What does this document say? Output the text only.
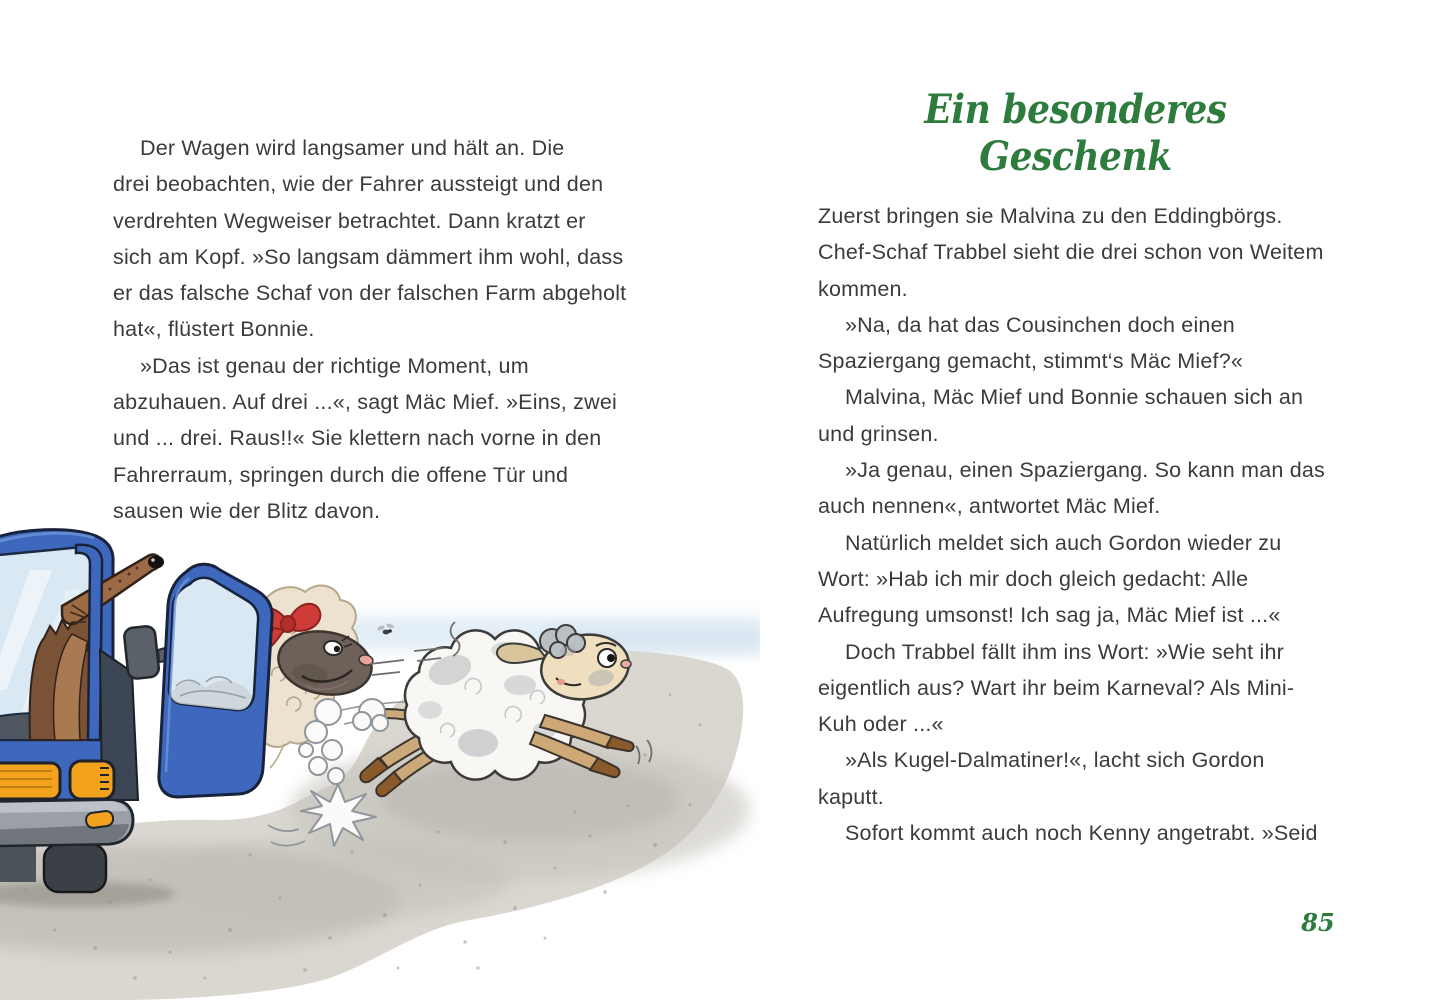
Der Wagen wird langsamer und hält an. Die
drei beobachten, wie der Fahrer aussteigt und den
verdrehten Wegweiser betrachtet. Dann kratzt er
sich am Kopf. »So langsam dämmert ihm wohl, dass
er das falsche Schaf von der falschen Farm abgeholt
hat«, flüstert Bonnie.
»Das ist genau der richtige Moment, um
abzuhauen. Auf drei ...«, sagt Mäc Mief. »Eins, zwei
und ... drei. Raus!!« Sie klettern nach vorne in den
Fahrerraum, springen durch die offene Tür und
sausen wie der Blitz davon.
Ein besonderes Geschenk
Zuerst bringen sie Malvina zu den Eddingbörgs.
Chef-Schaf Trabbel sieht die drei schon von Weitem
kommen.
»Na, da hat das Cousinchen doch einen
Spaziergang gemacht, stimmt‘s Mäc Mief?«
Malvina, Mäc Mief und Bonnie schauen sich an
und grinsen.
»Ja genau, einen Spaziergang. So kann man das
auch nennen«, antwortet Mäc Mief.
Natürlich meldet sich auch Gordon wieder zu
Wort: »Hab ich mir doch gleich gedacht: Alle
Aufregung umsonst! Ich sag ja, Mäc Mief ist ...«
Doch Trabbel fällt ihm ins Wort: »Wie seht ihr
eigentlich aus? Wart ihr beim Karneval? Als Mini-
Kuh oder ...«
»Als Kugel-Dalmatiner!«, lacht sich Gordon
kaputt.
Sofort kommt auch noch Kenny angetrabt. »Seid
85
